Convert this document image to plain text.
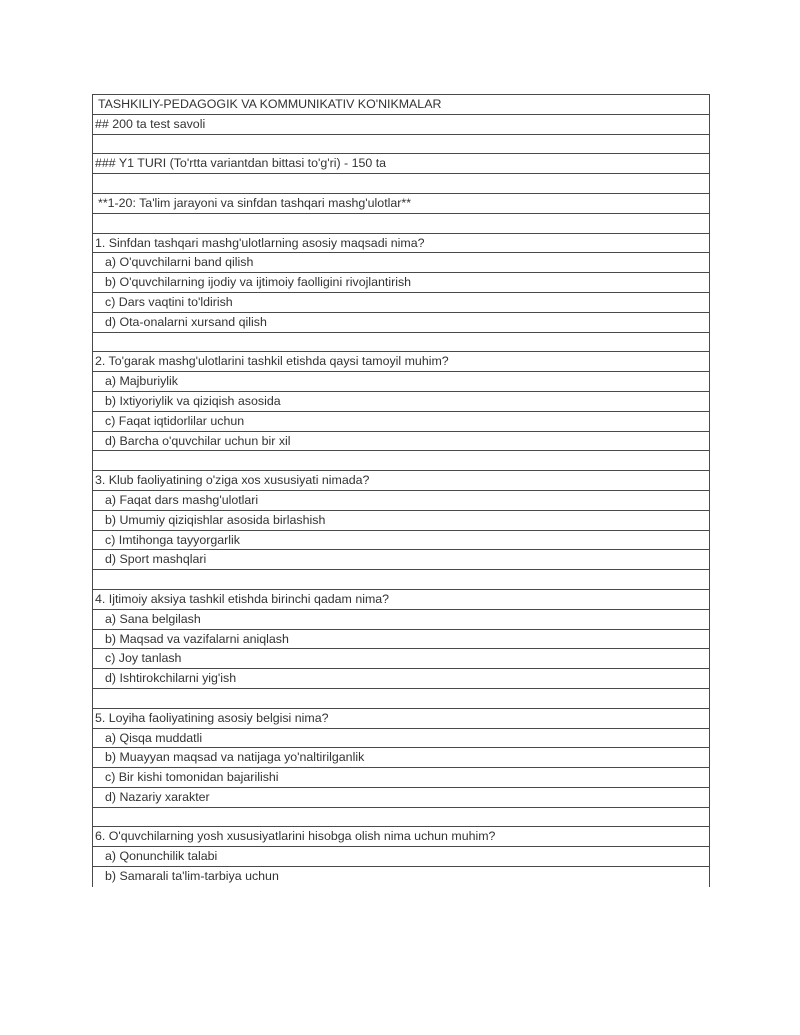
TASHKILIY-PEDAGOGIK VA KOMMUNIKATIV KO'NIKMALAR
## 200 ta test savoli
### Y1 TURI (To'rtta variantdan bittasi to'g'ri) - 150 ta
**1-20: Ta'lim jarayoni va sinfdan tashqari mashg'ulotlar**
1. Sinfdan tashqari mashg'ulotlarning asosiy maqsadi nima?
a) O'quvchilarni band qilish
b) O'quvchilarning ijodiy va ijtimoiy faolligini rivojlantirish
c) Dars vaqtini to'ldirish
d) Ota-onalarni xursand qilish
2. To'garak mashg'ulotlarini tashkil etishda qaysi tamoyil muhim?
a) Majburiylik
b) Ixtiyoriylik va qiziqish asosida
c) Faqat iqtidorlilar uchun
d) Barcha o'quvchilar uchun bir xil
3. Klub faoliyatining o'ziga xos xususiyati nimada?
a) Faqat dars mashg'ulotlari
b) Umumiy qiziqishlar asosida birlashish
c) Imtihonga tayyorgarlik
d) Sport mashqlari
4. Ijtimoiy aksiya tashkil etishda birinchi qadam nima?
a) Sana belgilash
b) Maqsad va vazifalarni aniqlash
c) Joy tanlash
d) Ishtirokchilarni yig'ish
5. Loyiha faoliyatining asosiy belgisi nima?
a) Qisqa muddatli
b) Muayyan maqsad va natijaga yo'naltirilganlik
c) Bir kishi tomonidan bajarilishi
d) Nazariy xarakter
6. O'quvchilarning yosh xususiyatlarini hisobga olish nima uchun muhim?
a) Qonunchilik talabi
b) Samarali ta'lim-tarbiya uchun
